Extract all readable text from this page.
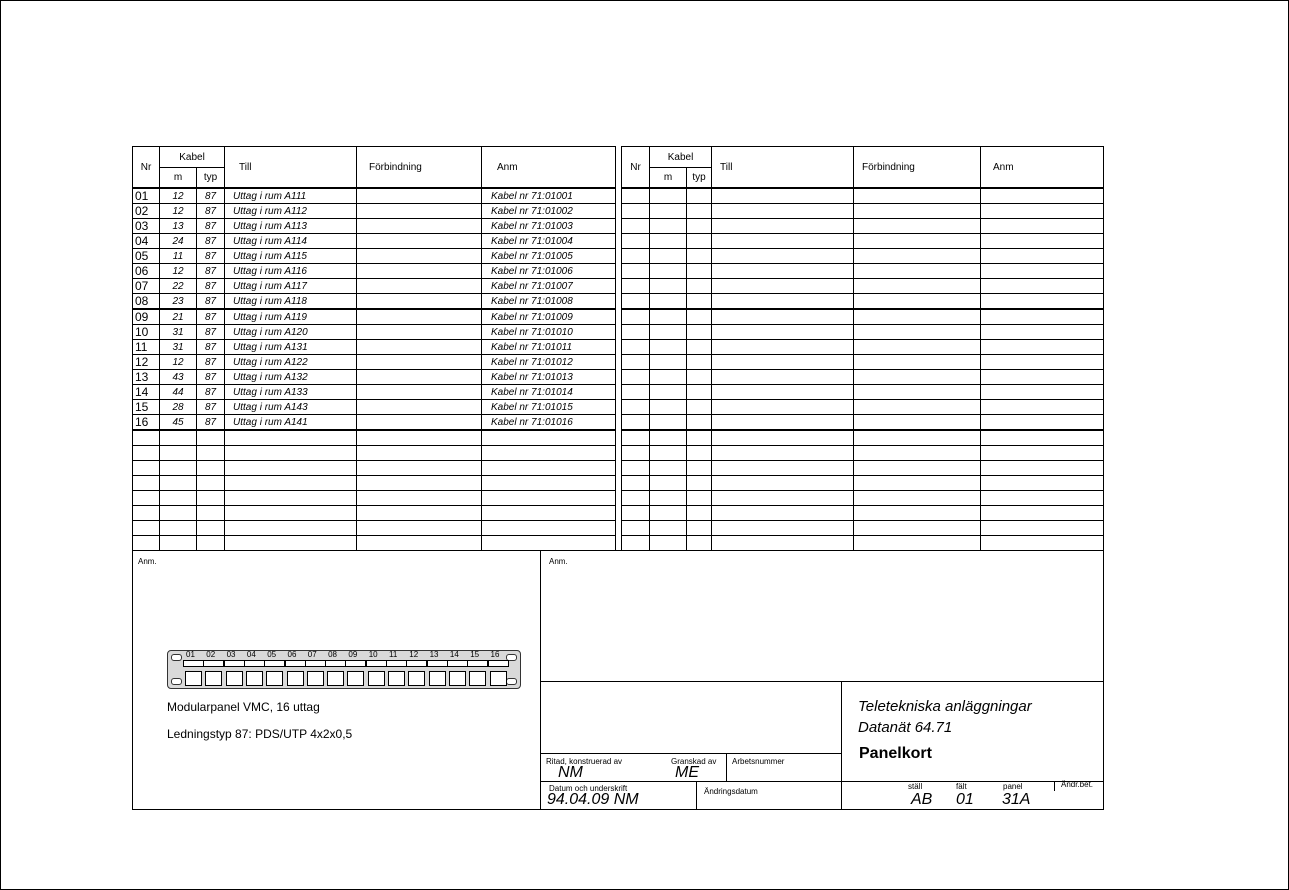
Nr	Kabel		Till	Förbindning	Anm
	m	typ			
01	12	87	Uttag i rum A111		Kabel nr 71:01001
02	12	87	Uttag i rum A112		Kabel nr 71:01002
03	13	87	Uttag i rum A113		Kabel nr 71:01003
04	24	87	Uttag i rum A114		Kabel nr 71:01004
05	11	87	Uttag i rum A115		Kabel nr 71:01005
06	12	87	Uttag i rum A116		Kabel nr 71:01006
07	22	87	Uttag i rum A117		Kabel nr 71:01007
08	23	87	Uttag i rum A118		Kabel nr 71:01008
09	21	87	Uttag i rum A119		Kabel nr 71:01009
10	31	87	Uttag i rum A120		Kabel nr 71:01010
11	31	87	Uttag i rum A131		Kabel nr 71:01011
12	12	87	Uttag i rum A122		Kabel nr 71:01012
13	43	87	Uttag i rum A132		Kabel nr 71:01013
14	44	87	Uttag i rum A133		Kabel nr 71:01014
15	28	87	Uttag i rum A143		Kabel nr 71:01015
16	45	87	Uttag i rum A141		Kabel nr 71:01016

Nr	Kabel		Till	Förbindning	Anm
	m	typ			

Anm.	Anm.
01 02 03 04 05 06 07 08 09 10 11 12 13 14 15 16
Modularpanel VMC, 16 uttag
Ledningstyp 87: PDS/UTP 4x2x0,5
Teletekniska anläggningar
Datanät 64.71
Panelkort
Ritad, konstruerad av
NM
Granskad av
ME
Arbetsnummer
Datum och underskrift
94.04.09 NM	Ändringsdatum
ställ
AB
fält
01
panel
31A
Ändr.bet.
